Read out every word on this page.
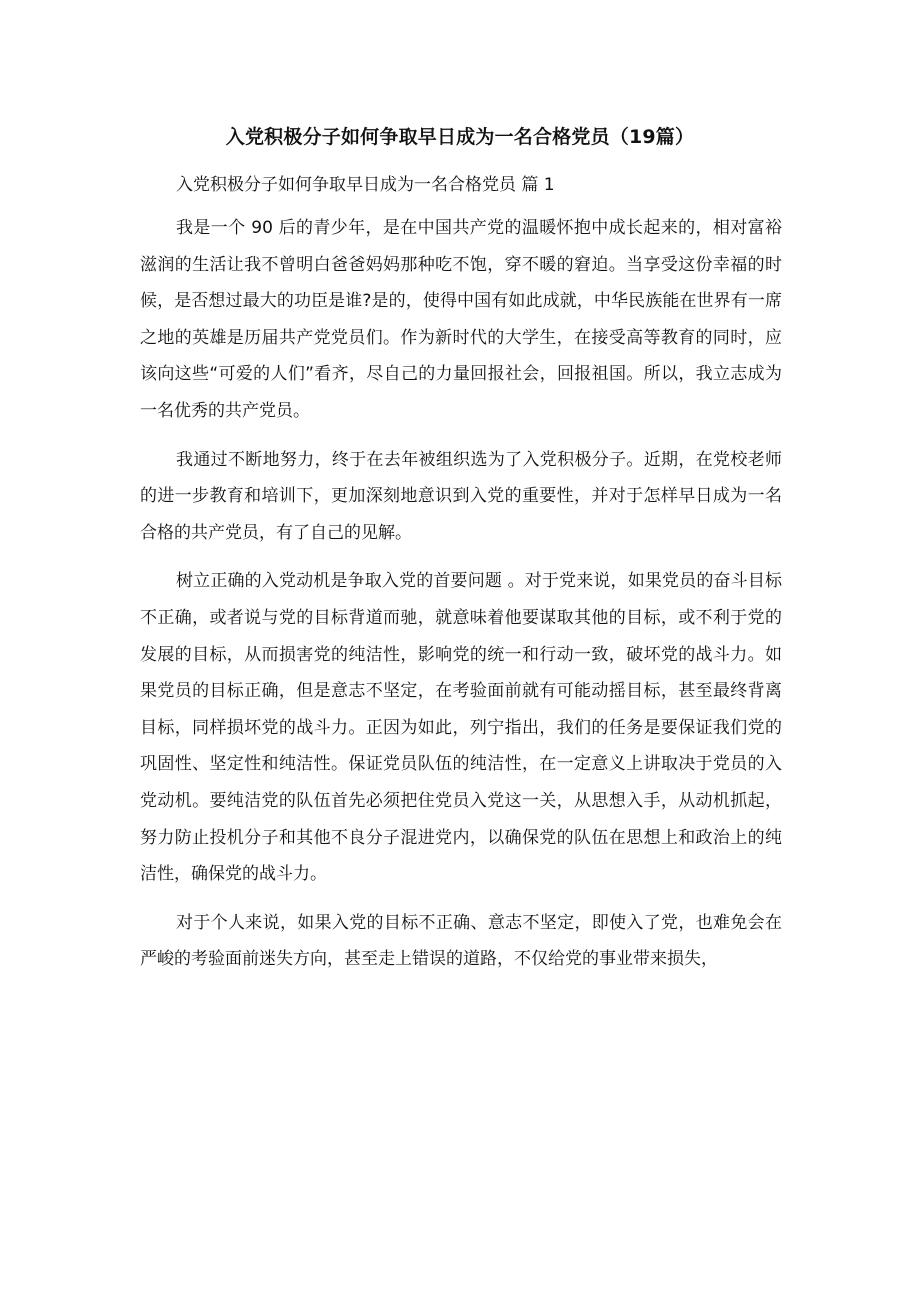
入党积极分子如何争取早日成为一名合格党员（19篇）

入党积极分子如何争取早日成为一名合格党员 篇 1

我是一个 90 后的青少年，是在中国共产党的温暖怀抱中成长起来的，相对富裕滋润的生活让我不曾明白爸爸妈妈那种吃不饱，穿不暖的窘迫。当享受这份幸福的时候，是否想过最大的功臣是谁?是的，使得中国有如此成就，中华民族能在世界有一席之地的英雄是历届共产党党员们。作为新时代的大学生，在接受高等教育的同时，应该向这些“可爱的人们”看齐，尽自己的力量回报社会，回报祖国。所以，我立志成为一名优秀的共产党员。

我通过不断地努力，终于在去年被组织选为了入党积极分子。近期，在党校老师的进一步教育和培训下，更加深刻地意识到入党的重要性，并对于怎样早日成为一名合格的共产党员，有了自己的见解。

树立正确的入党动机是争取入党的首要问题 。对于党来说，如果党员的奋斗目标不正确，或者说与党的目标背道而驰，就意味着他要谋取其他的目标，或不利于党的发展的目标，从而损害党的纯洁性，影响党的统一和行动一致，破坏党的战斗力。如果党员的目标正确，但是意志不坚定，在考验面前就有可能动摇目标，甚至最终背离目标，同样损坏党的战斗力。正因为如此，列宁指出，我们的任务是要保证我们党的巩固性、坚定性和纯洁性。保证党员队伍的纯洁性，在一定意义上讲取决于党员的入党动机。要纯洁党的队伍首先必须把住党员入党这一关，从思想入手，从动机抓起，努力防止投机分子和其他不良分子混进党内，以确保党的队伍在思想上和政治上的纯洁性，确保党的战斗力。

对于个人来说，如果入党的目标不正确、意志不坚定，即使入了党，也难免会在严峻的考验面前迷失方向，甚至走上错误的道路，不仅给党的事业带来损失，
